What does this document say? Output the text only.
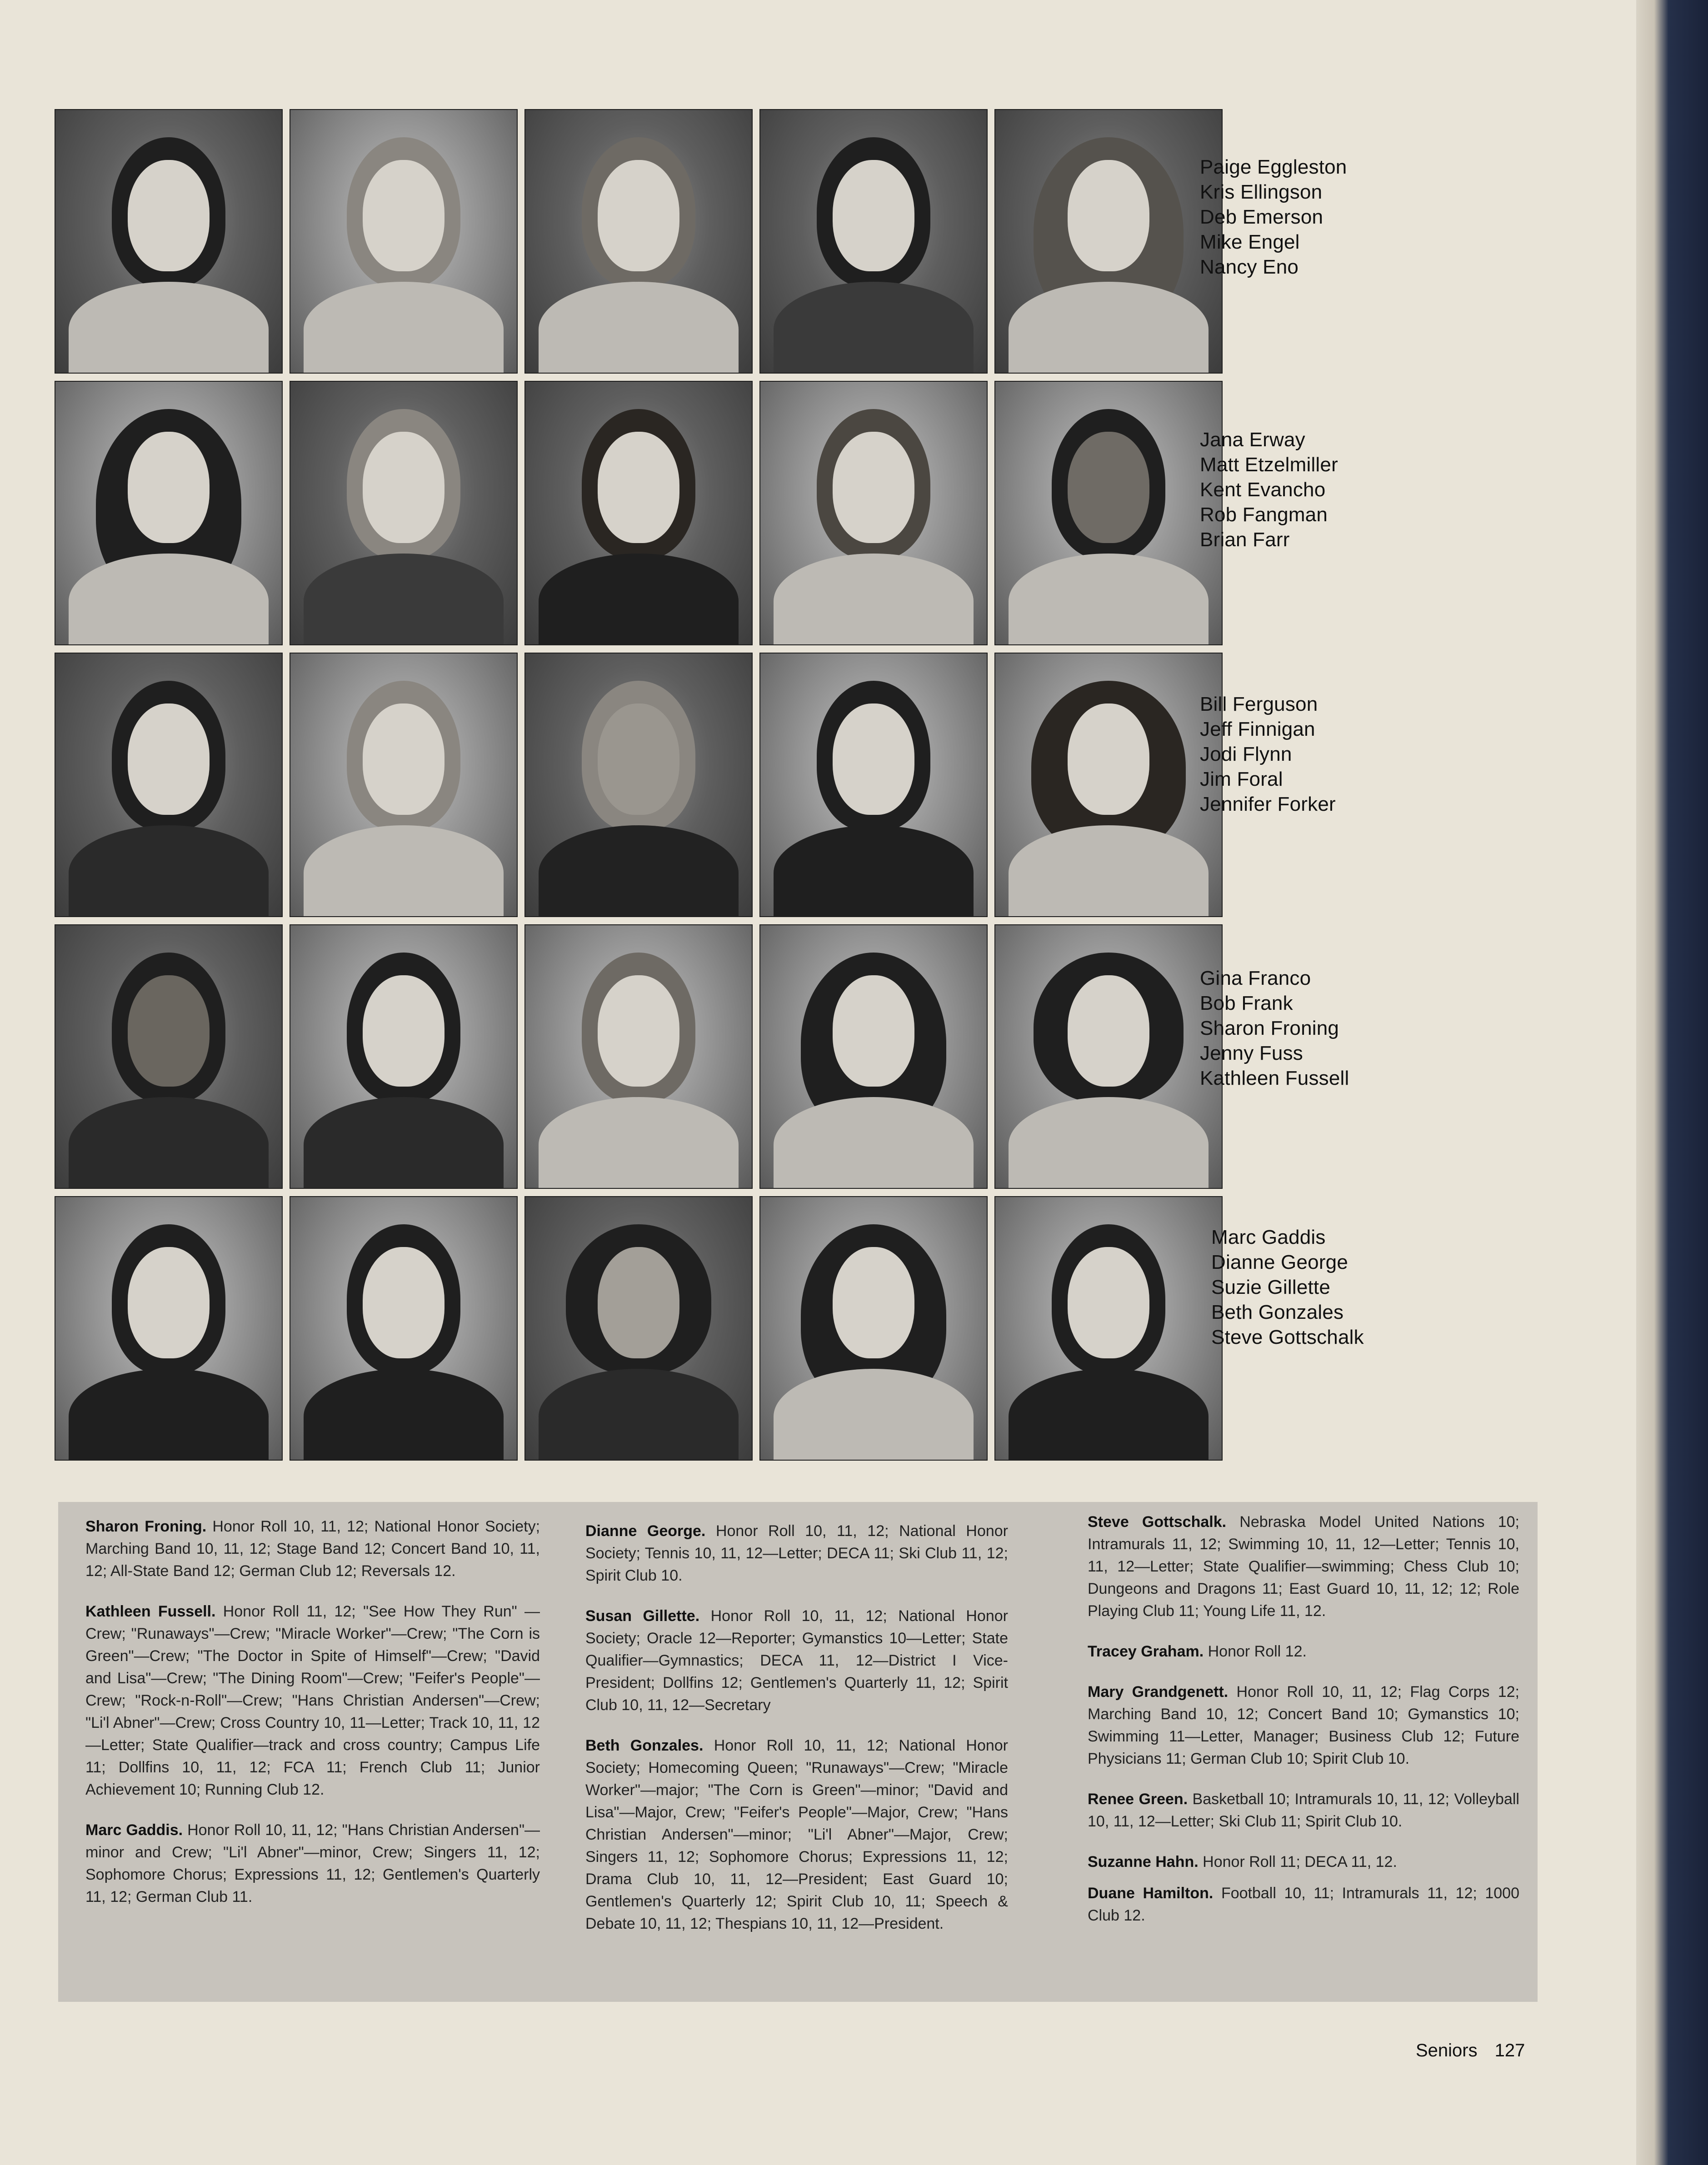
Paige Eggleston
Kris Ellingson
Deb Emerson
Mike Engel
Nancy Eno
Jana Erway
Matt Etzelmiller
Kent Evancho
Rob Fangman
Brian Farr
Bill Ferguson
Jeff Finnigan
Jodi Flynn
Jim Foral
Jennifer Forker
Gina Franco
Bob Frank
Sharon Froning
Jenny Fuss
Kathleen Fussell
Marc Gaddis
Dianne George
Suzie Gillette
Beth Gonzales
Steve Gottschalk

Sharon Froning. Honor Roll 10, 11, 12; National Honor Society; Marching Band 10, 11, 12; Stage Band 12; Concert Band 10, 11, 12; All-State Band 12; German Club 12; Reversals 12.

Kathleen Fussell. Honor Roll 11, 12; "See How They Run" —Crew; "Runaways"—Crew; "Miracle Worker"—Crew; "The Corn is Green"—Crew; "The Doctor in Spite of Himself"—Crew; "David and Lisa"—Crew; "The Dining Room"—Crew; "Feifer's People"—Crew; "Rock-n-Roll"—Crew; "Hans Christian Andersen"—Crew; "Li'l Abner"—Crew; Cross Country 10, 11—Letter; Track 10, 11, 12—Letter; State Qualifier—track and cross country; Campus Life 11; Dollfins 10, 11, 12; FCA 11; French Club 11; Junior Achievement 10; Running Club 12.

Marc Gaddis. Honor Roll 10, 11, 12; "Hans Christian Andersen"—minor and Crew; "Li'l Abner"—minor, Crew; Singers 11, 12; Sophomore Chorus; Expressions 11, 12; Gentlemen's Quarterly 11, 12; German Club 11.

Dianne George. Honor Roll 10, 11, 12; National Honor Society; Tennis 10, 11, 12—Letter; DECA 11; Ski Club 11, 12; Spirit Club 10.

Susan Gillette. Honor Roll 10, 11, 12; National Honor Society; Oracle 12—Reporter; Gymanstics 10—Letter; State Qualifier—Gymnastics; DECA 11, 12—District I Vice-President; Dollfins 12; Gentlemen's Quarterly 11, 12; Spirit Club 10, 11, 12—Secretary

Beth Gonzales. Honor Roll 10, 11, 12; National Honor Society; Homecoming Queen; "Runaways"—Crew; "Miracle Worker"—major; "The Corn is Green"—minor; "David and Lisa"—Major, Crew; "Feifer's People"—Major, Crew; "Hans Christian Andersen"—minor; "Li'l Abner"—Major, Crew; Singers 11, 12; Sophomore Chorus; Expressions 11, 12; Drama Club 10, 11, 12—President; East Guard 10; Gentlemen's Quarterly 12; Spirit Club 10, 11; Speech & Debate 10, 11, 12; Thespians 10, 11, 12—President.

Steve Gottschalk. Nebraska Model United Nations 10; Intramurals 11, 12; Swimming 10, 11, 12—Letter; Tennis 10, 11, 12—Letter; State Qualifier—swimming; Chess Club 10; Dungeons and Dragons 11; East Guard 10, 11, 12; 12; Role Playing Club 11; Young Life 11, 12.

Tracey Graham. Honor Roll 12.

Mary Grandgenett. Honor Roll 10, 11, 12; Flag Corps 12; Marching Band 10, 12; Concert Band 10; Gymanstics 10; Swimming 11—Letter, Manager; Business Club 12; Future Physicians 11; German Club 10; Spirit Club 10.

Renee Green. Basketball 10; Intramurals 10, 11, 12; Volleyball 10, 11, 12—Letter; Ski Club 11; Spirit Club 10.

Suzanne Hahn. Honor Roll 11; DECA 11, 12.

Duane Hamilton. Football 10, 11; Intramurals 11, 12; 1000 Club 12.

Seniors 127
